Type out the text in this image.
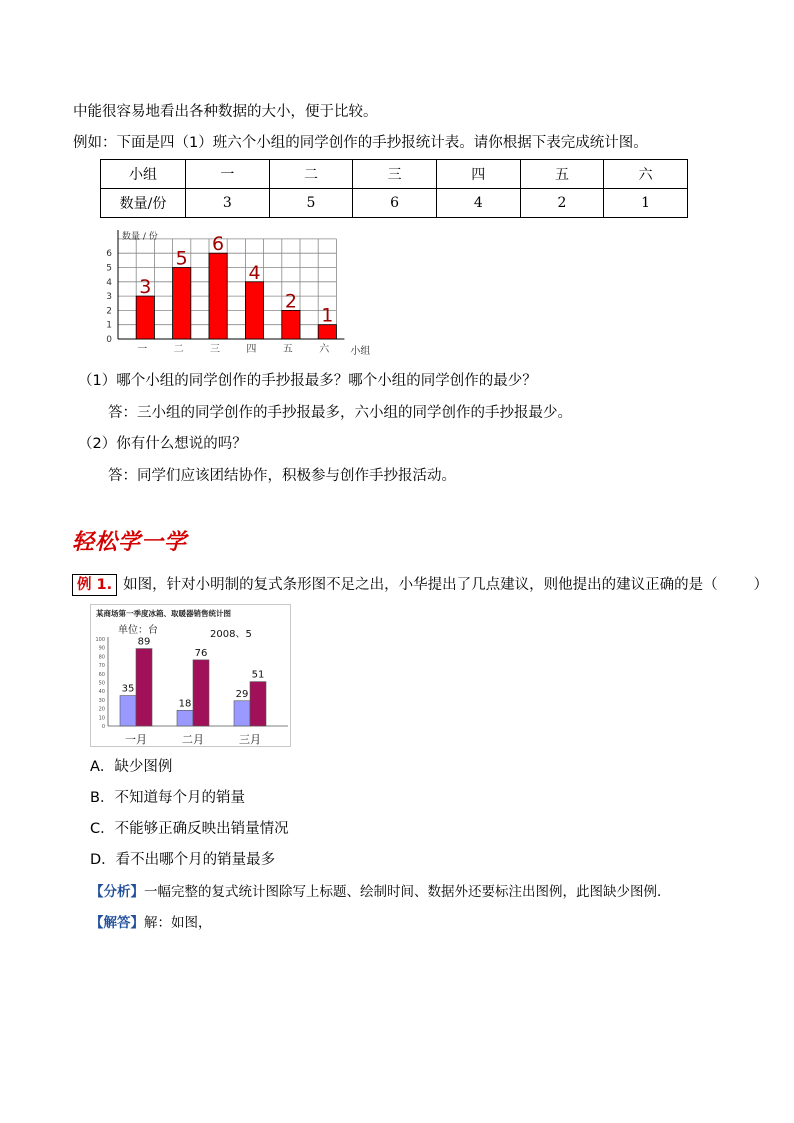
中能很容易地看出各种数据的大小，便于比较。
例如：下面是四（1）班六个小组的同学创作的手抄报统计表。请你根据下表完成统计图。
小组	一	二	三	四	五	六
数量/份	3	5	6	4	2	1
0
1
2
3
4
5
6
数量 / 份
3
一
5
二
6
三
4
四
2
五
1
六 小组
（1）哪个小组的同学创作的手抄报最多？哪个小组的同学创作的最少？
答：三小组的同学创作的手抄报最多，六小组的同学创作的手抄报最少。
（2）你有什么想说的吗？
答：同学们应该团结协作，积极参与创作手抄报活动。
轻松学一学
例 1. 如图，针对小明制的复式条形图不足之出，小华提出了几点建议，则他提出的建议正确的是（ ）
某商场第一季度冰箱、取暖器销售统计图
单位：台	2008、5
0
10
20
30
40
50
60
70
80
90
100
35
89
一月
18
76
二月
29
51
三月
A．缺少图例
B．不知道每个月的销量
C．不能够正确反映出销量情况
D．看不出哪个月的销量最多
【分析】一幅完整的复式统计图除写上标题、绘制时间、数据外还要标注出图例，此图缺少图例．
【解答】解：如图，
